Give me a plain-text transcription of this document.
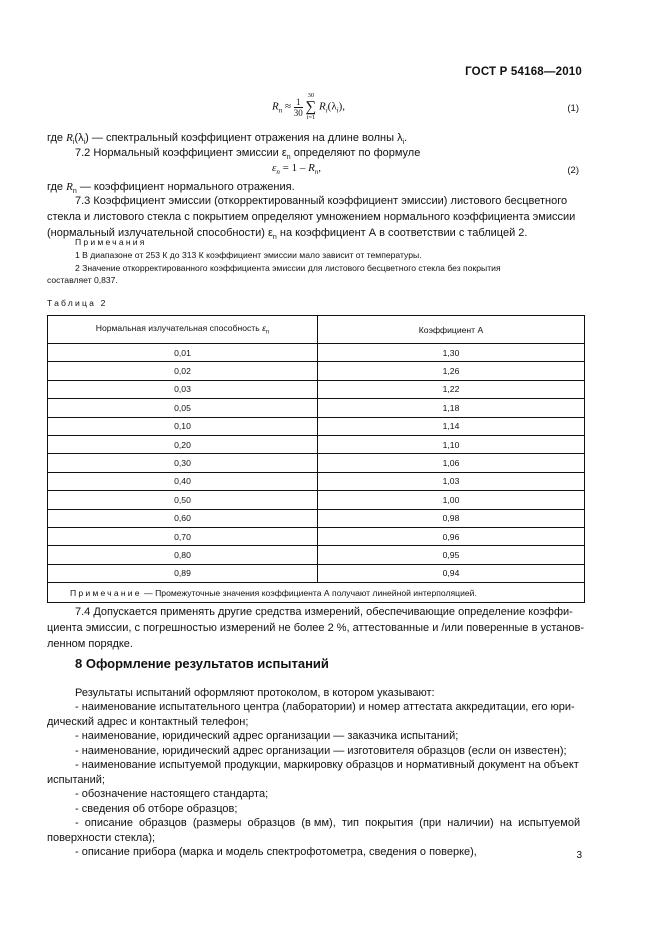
ГОСТ Р 54168—2010
$R_n \approx \frac{1}{30}$

30
∑
i=1
$R_i(\lambda_i)$,	(1)
где $R_i(\lambda_i)$ — спектральный коэффициент отражения на длине волны $\lambda_i$.
7.2 Нормальный коэффициент эмиссии $\varepsilon_n$ определяют по формуле
$\varepsilon_n = 1 - R_n$,	(2)
где $R_n$ — коэффициент нормального отражения.
7.3 Коэффициент эмиссии (откорректированный коэффициент эмиссии) листового бесцветного
стекла и листового стекла с покрытием определяют умножением нормального коэффициента эмиссии
(нормальный излучательной способности) $\varepsilon_n$ на коэффициент А в соответствии с таблицей 2.
Примечания
1 В диапазоне от 253 К до 313 К коэффициент эмиссии мало зависит от температуры.
2 Значение откорректированного коэффициента эмиссии для листового бесцветного стекла без покрытия
составляет 0,837.
Таблица 2
Нормальная излучательная способность $\varepsilon_n$	Коэффициент А
0,01	1,30
0,02	1,26
0,03	1,22
0,05	1,18
0,10	1,14
0,20	1,10
0,30	1,06
0,40	1,03
0,50	1,00
0,60	0,98
0,70	0,96
0,80	0,95
0,89	0,94
Примечание — Промежуточные значения коэффициента А получают линейной интерполяцией.	
7.4 Допускается применять другие средства измерений, обеспечивающие определение коэффи-
циента эмиссии, с погрешностью измерений не более 2 %, аттестованные и /или поверенные в установ-
ленном порядке.
8 Оформление результатов испытаний
Результаты испытаний оформляют протоколом, в котором указывают:
- наименование испытательного центра (лаборатории) и номер аттестата аккредитации, его юри-
дический адрес и контактный телефон;
- наименование, юридический адрес организации — заказчика испытаний;
- наименование, юридический адрес организации — изготовителя образцов (если он известен);
- наименование испытуемой продукции, маркировку образцов и нормативный документ на объект
испытаний;
- обозначение настоящего стандарта;
- сведения об отборе образцов;
-  описание  образцов  (размеры  образцов  (в мм),  тип  покрытия  (при  наличии)  на  испытуемой
поверхности стекла);
- описание прибора (марка и модель спектрофотометра, сведения о поверке),	3
